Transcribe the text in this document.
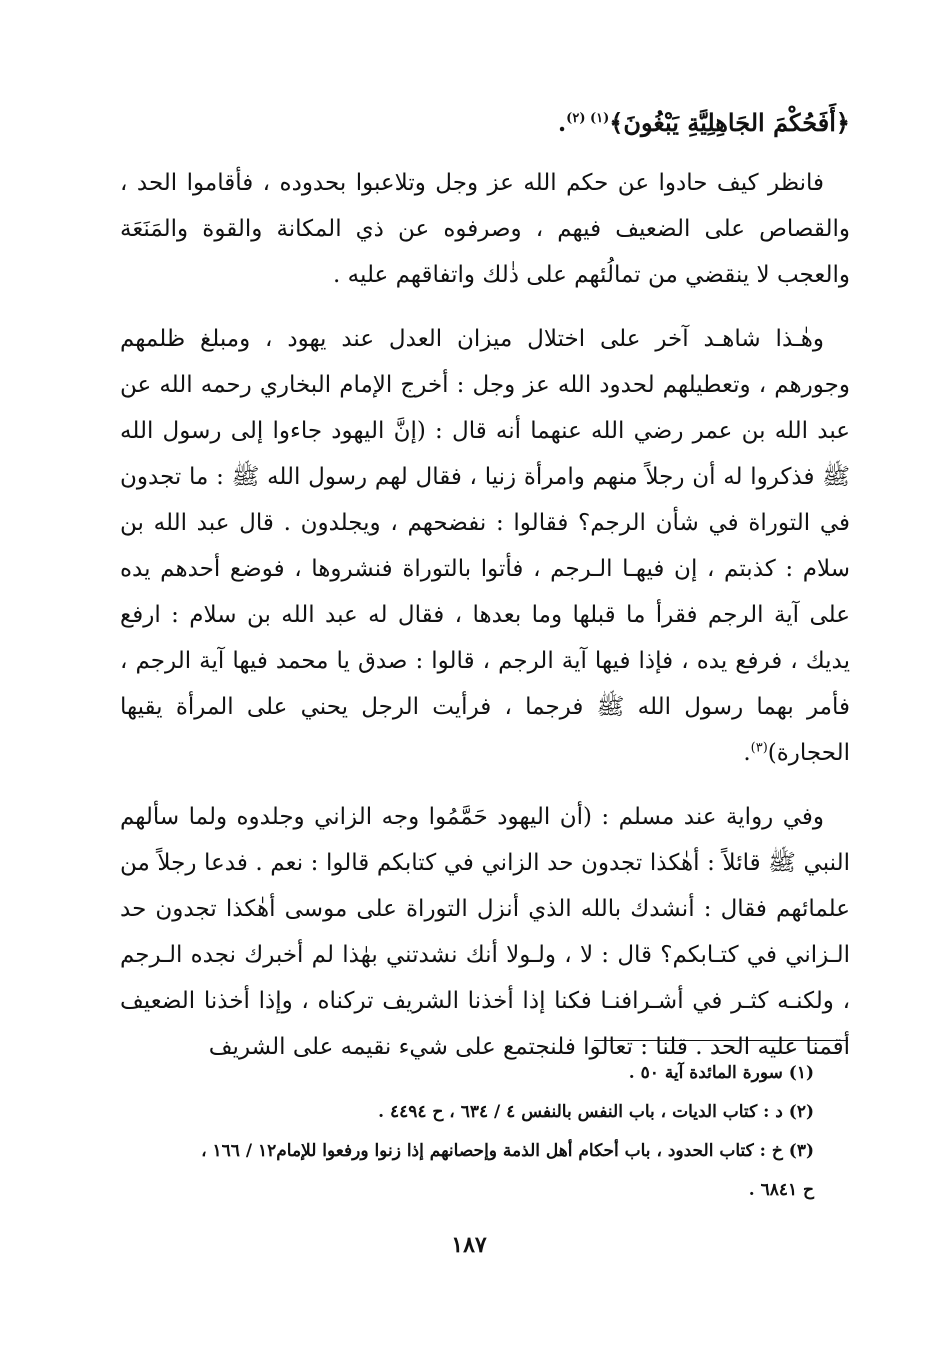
﴿أَفَحُكْمَ الجَاهِلِيَّةِ يَبْغُونَ﴾$^{(١) (٢)}$.

فانظر كيف حادوا عن حكم الله عز وجل وتلاعبوا بحدوده ، فأقاموا الحد ، والقصاص على الضعيف فيهم ، وصرفوه عن ذي المكانة والقوة والمَنَعَة والعجب لا ينقضي من تمالُئهم على ذٰلك واتفاقهم عليه .

وهٰـذا شاهـد آخر على اختلال ميزان العدل عند يهود ، ومبلغ ظلمهم وجورهم ، وتعطيلهم لحدود الله عز وجل : أخرج الإمام البخاري رحمه الله عن عبد الله بن عمر رضي الله عنهما أنه قال : (إنَّ اليهود جاءوا إلى رسول الله ﷺ فذكروا له أن رجلاً منهم وامرأة زنيا ، فقال لهم رسول الله ﷺ : ما تجدون في التوراة في شأن الرجم؟ فقالوا : نفضحهم ، ويجلدون . قال عبد الله بن سلام : كذبتم ، إن فيهـا الـرجم ، فأتوا بالتوراة فنشروها ، فوضع أحدهم يده على آية الرجم فقرأ ما قبلها وما بعدها ، فقال له عبد الله بن سلام : ارفع يديك ، فرفع يده ، فإذا فيها آية الرجم ، قالوا : صدق يا محمد فيها آية الرجم ، فأمر بهما رسول الله ﷺ فرجما ، فرأيت الرجل يحني على المرأة يقيها الحجارة)$^{(٣)}$.

وفي رواية عند مسلم : (أن اليهود حَمَّمُوا وجه الزاني وجلدوه ولما سألهم النبي ﷺ قائلاً : أهٰكذا تجدون حد الزاني في كتابكم قالوا : نعم . فدعا رجلاً من علمائهم فقال : أنشدك بالله الذي أنزل التوراة على موسى أهٰكذا تجدون حد الـزاني في كتـابكم؟ قال : لا ، ولـولا أنك نشدتني بهٰذا لم أخبرك نجده الـرجم ، ولكنـه كثـر في أشـرافنـا فكنا إذا أخذنا الشريف تركناه ، وإذا أخذنا الضعيف أقمنا عليه الحد . قلنا : تعالوا فلنجتمع على شيء نقيمه على الشريف

(١) سورة المائدة آية ٥٠ .

(٢) د : كتاب الديات ، باب النفس بالنفس ٤ / ٦٣٤ ، ح ٤٤٩٤ .

(٣) خ : كتاب الحدود ، باب أحكام أهل الذمة وإحصانهم إذا زنوا ورفعوا للإمام١٢ / ١٦٦ ،

ح ٦٨٤١ .

١٨٧
